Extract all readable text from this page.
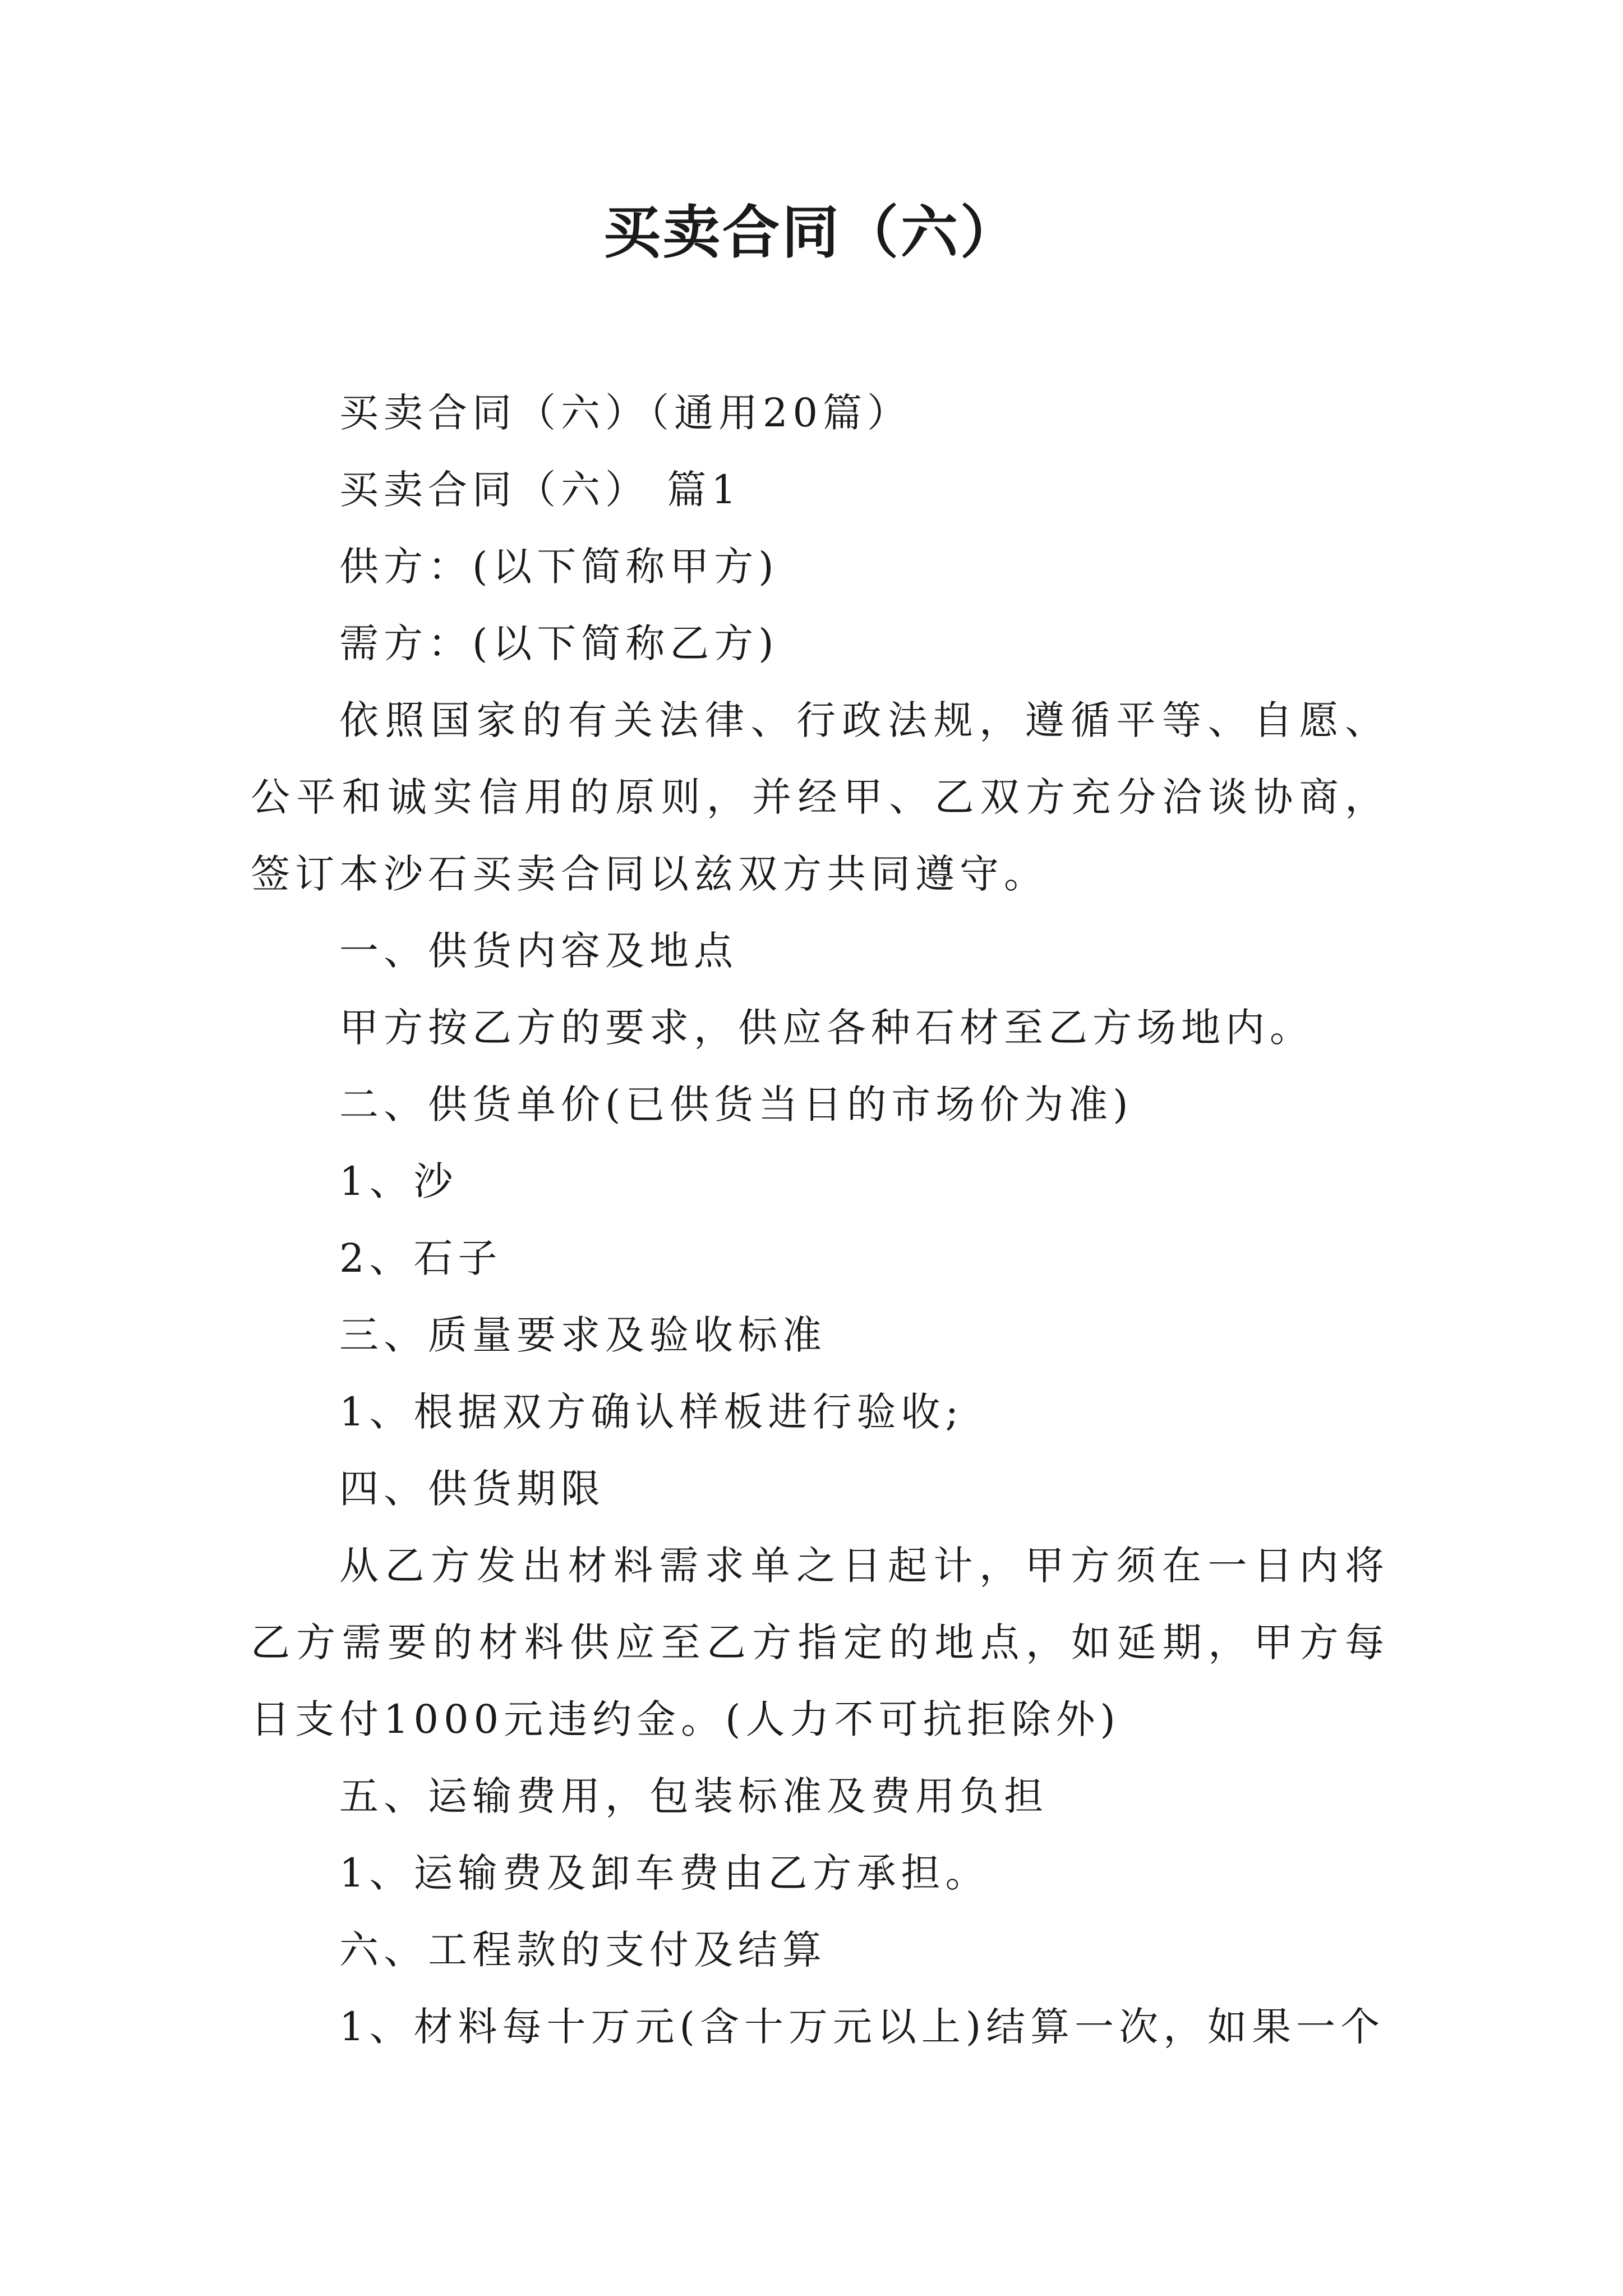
买卖合同（六）

买卖合同（六）（通用20篇）

买卖合同（六） 篇1

供方：(以下简称甲方)

需方：(以下简称乙方)

依照国家的有关法律、行政法规，遵循平等、自愿、公平和诚实信用的原则，并经甲、乙双方充分洽谈协商，签订本沙石买卖合同以兹双方共同遵守。

一、供货内容及地点

甲方按乙方的要求，供应各种石材至乙方场地内。

二、供货单价(已供货当日的市场价为准)

1、沙

2、石子

三、质量要求及验收标准

1、根据双方确认样板进行验收;

四、供货期限

从乙方发出材料需求单之日起计，甲方须在一日内将乙方需要的材料供应至乙方指定的地点，如延期，甲方每日支付1000元违约金。(人力不可抗拒除外)

五、运输费用，包装标准及费用负担

1、运输费及卸车费由乙方承担。

六、工程款的支付及结算

1、材料每十万元(含十万元以上)结算一次，如果一个
